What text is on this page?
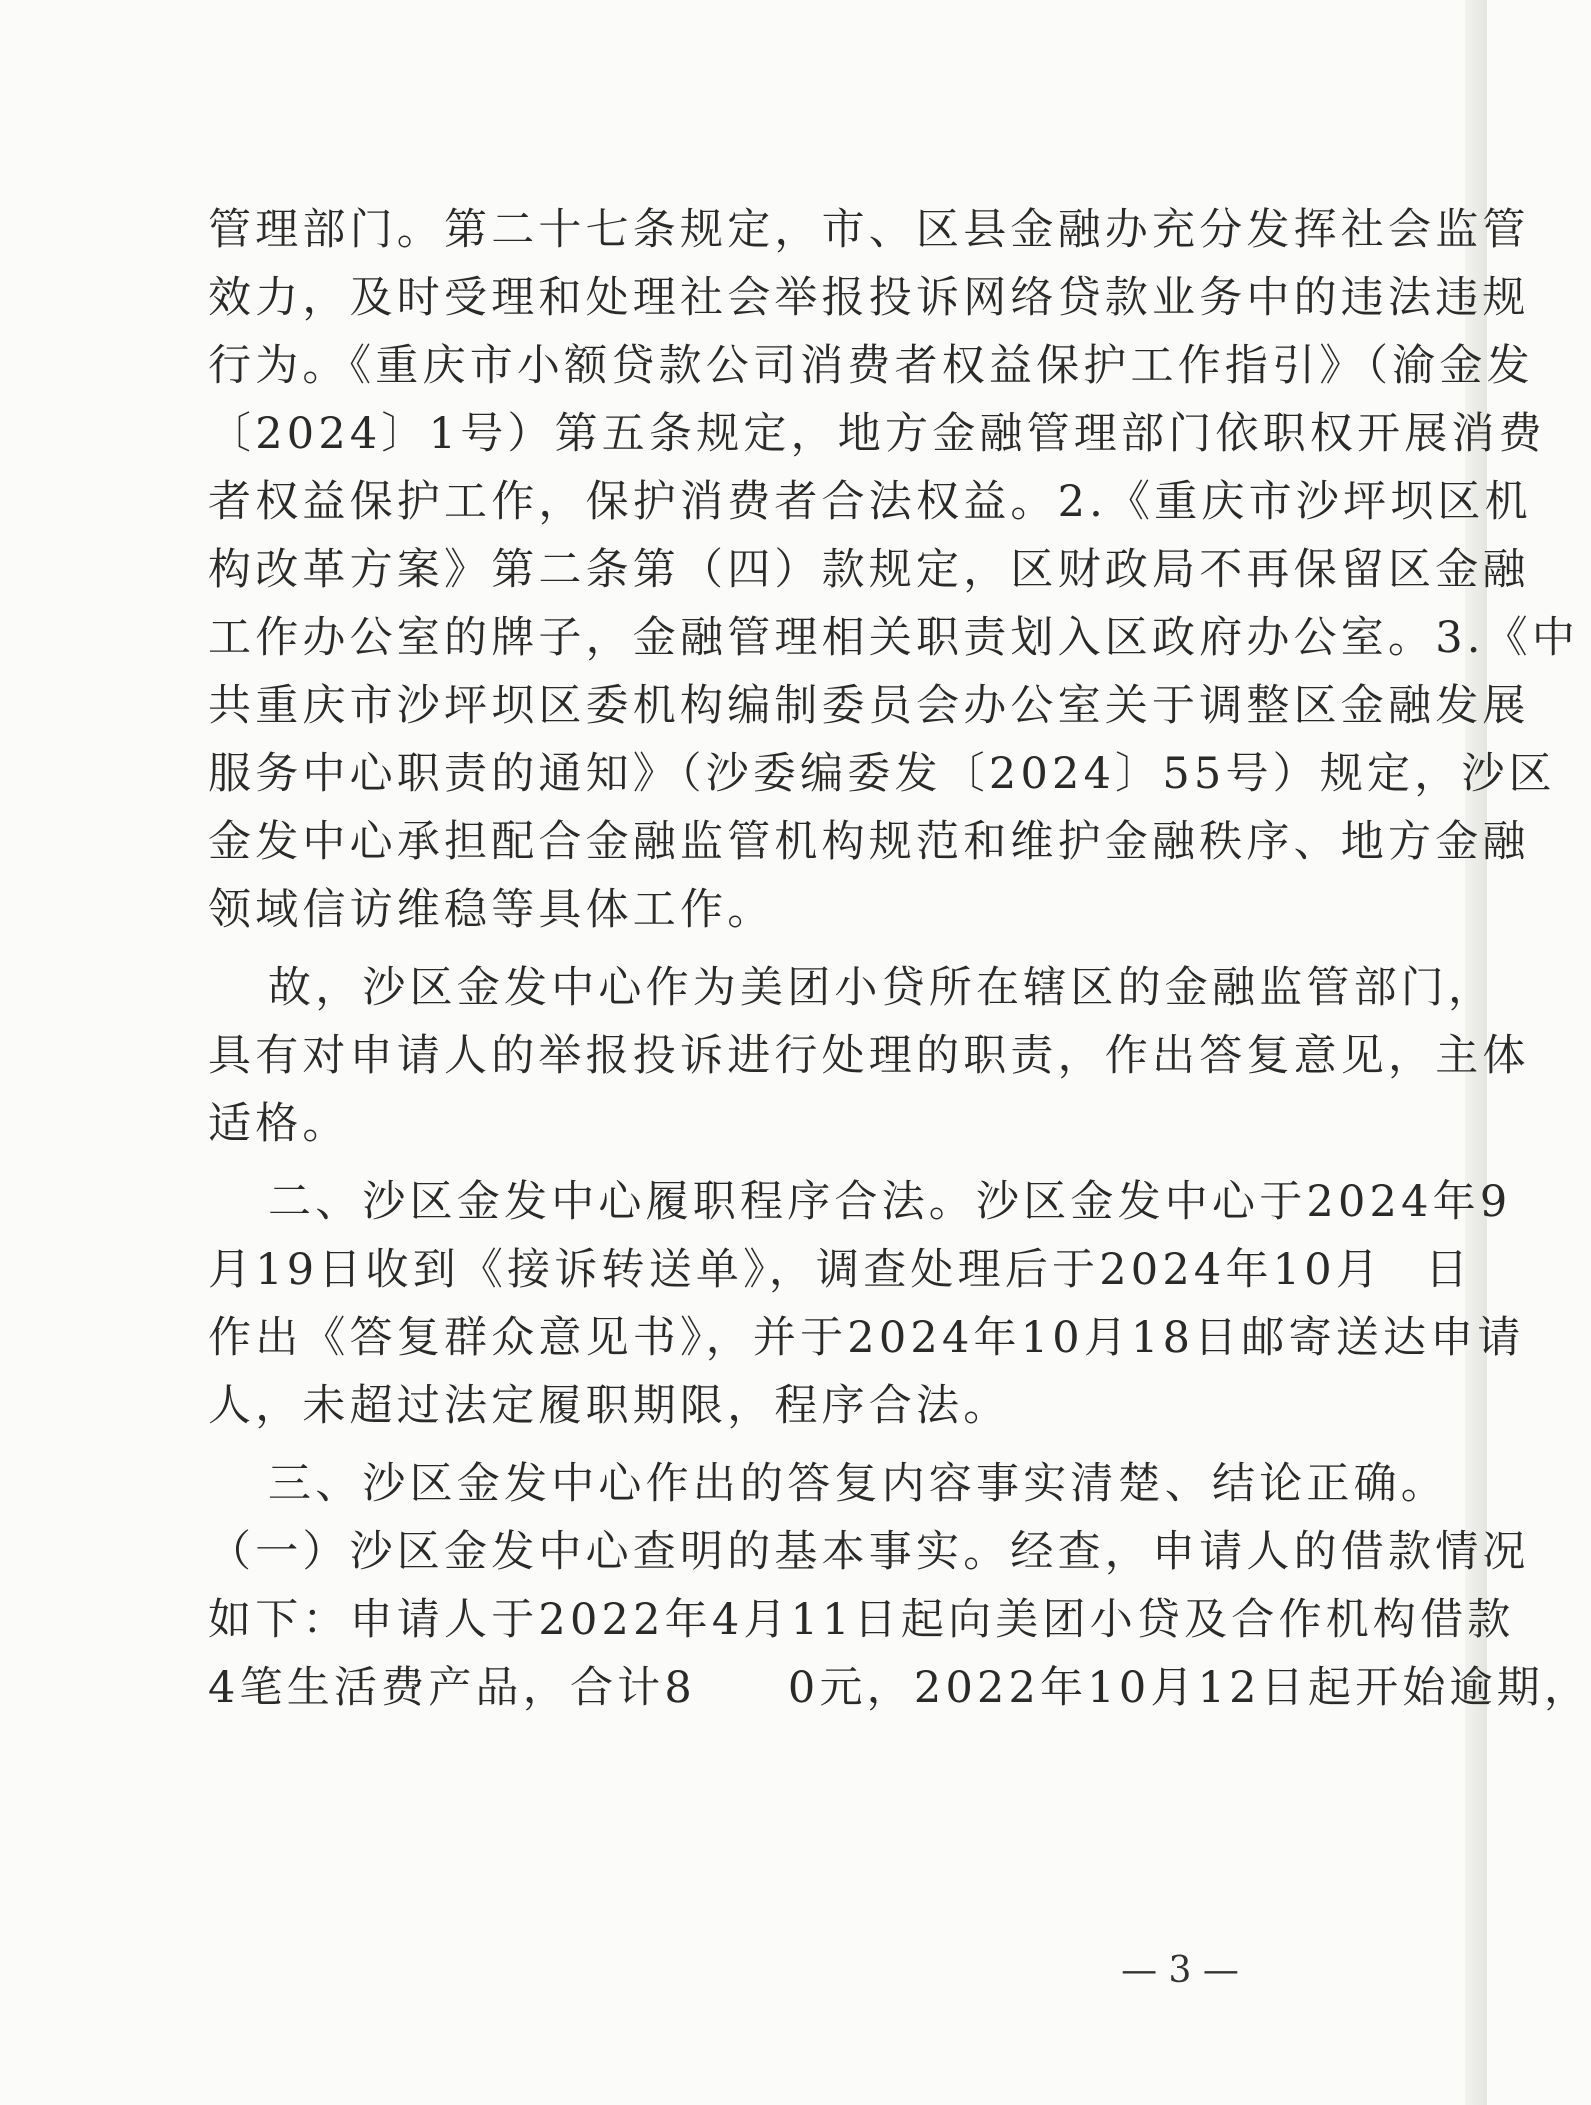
管理部门。第二十七条规定，市、区县金融办充分发挥社会监管
效力，及时受理和处理社会举报投诉网络贷款业务中的违法违规
行为。《重庆市小额贷款公司消费者权益保护工作指引》（渝金发
〔2024〕1号）第五条规定，地方金融管理部门依职权开展消费
者权益保护工作，保护消费者合法权益。2.《重庆市沙坪坝区机
构改革方案》第二条第（四）款规定，区财政局不再保留区金融
工作办公室的牌子，金融管理相关职责划入区政府办公室。3.《中
共重庆市沙坪坝区委机构编制委员会办公室关于调整区金融发展
服务中心职责的通知》（沙委编委发〔2024〕55号）规定，沙区
金发中心承担配合金融监管机构规范和维护金融秩序、地方金融
领域信访维稳等具体工作。
故，沙区金发中心作为美团小贷所在辖区的金融监管部门，
具有对申请人的举报投诉进行处理的职责，作出答复意见，主体
适格。
二、沙区金发中心履职程序合法。沙区金发中心于2024年9
月19日收到《接诉转送单》，调查处理后于2024年10月 日
作出《答复群众意见书》，并于2024年10月18日邮寄送达申请
人，未超过法定履职期限，程序合法。
三、沙区金发中心作出的答复内容事实清楚、结论正确。
（一）沙区金发中心查明的基本事实。经查，申请人的借款情况
如下：申请人于2022年4月11日起向美团小贷及合作机构借款
4笔生活费产品，合计8 0元，2022年10月12日起开始逾期，
— 3 —
